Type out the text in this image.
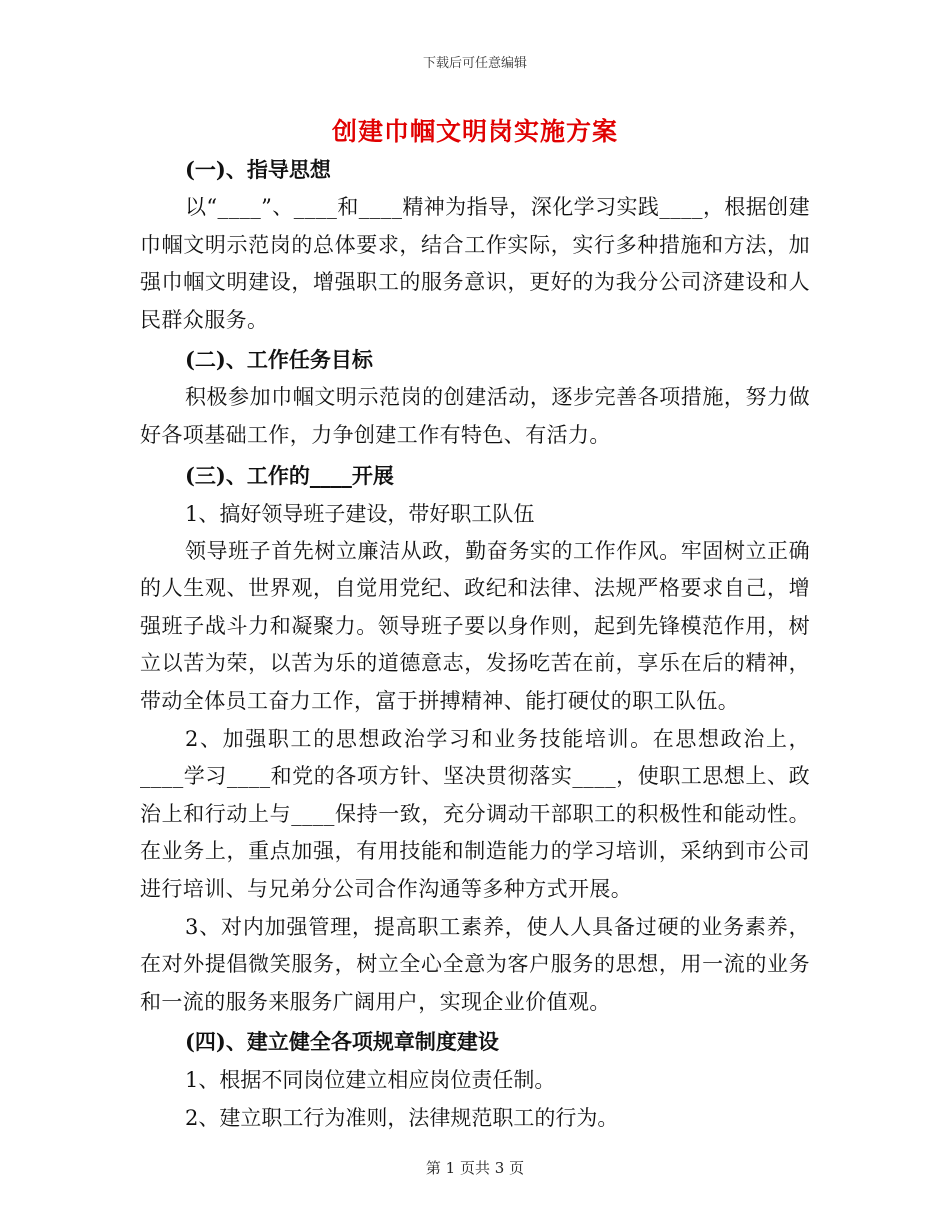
下载后可任意编辑
创建巾帼文明岗实施方案
(一)、指导思想

以“____”、____和____精神为指导，深化学习实践____，根据创建巾帼文明示范岗的总体要求，结合工作实际，实行多种措施和方法，加强巾帼文明建设，增强职工的服务意识，更好的为我分公司济建设和人民群众服务。

(二)、工作任务目标

积极参加巾帼文明示范岗的创建活动，逐步完善各项措施，努力做好各项基础工作，力争创建工作有特色、有活力。

(三)、工作的____开展

1、搞好领导班子建设，带好职工队伍

领导班子首先树立廉洁从政，勤奋务实的工作作风。牢固树立正确的人生观、世界观，自觉用党纪、政纪和法律、法规严格要求自己，增强班子战斗力和凝聚力。领导班子要以身作则，起到先锋模范作用，树立以苦为荣，以苦为乐的道德意志，发扬吃苦在前，享乐在后的精神，带动全体员工奋力工作，富于拼搏精神、能打硬仗的职工队伍。

2、加强职工的思想政治学习和业务技能培训。在思想政治上，____学习____和党的各项方针、坚决贯彻落实____，使职工思想上、政治上和行动上与____保持一致，充分调动干部职工的积极性和能动性。在业务上，重点加强，有用技能和制造能力的学习培训，采纳到市公司进行培训、与兄弟分公司合作沟通等多种方式开展。

3、对内加强管理，提高职工素养，使人人具备过硬的业务素养，在对外提倡微笑服务，树立全心全意为客户服务的思想，用一流的业务和一流的服务来服务广阔用户，实现企业价值观。

(四)、建立健全各项规章制度建设

1、根据不同岗位建立相应岗位责任制。

2、建立职工行为准则，法律规范职工的行为。

第 1 页共 3 页
